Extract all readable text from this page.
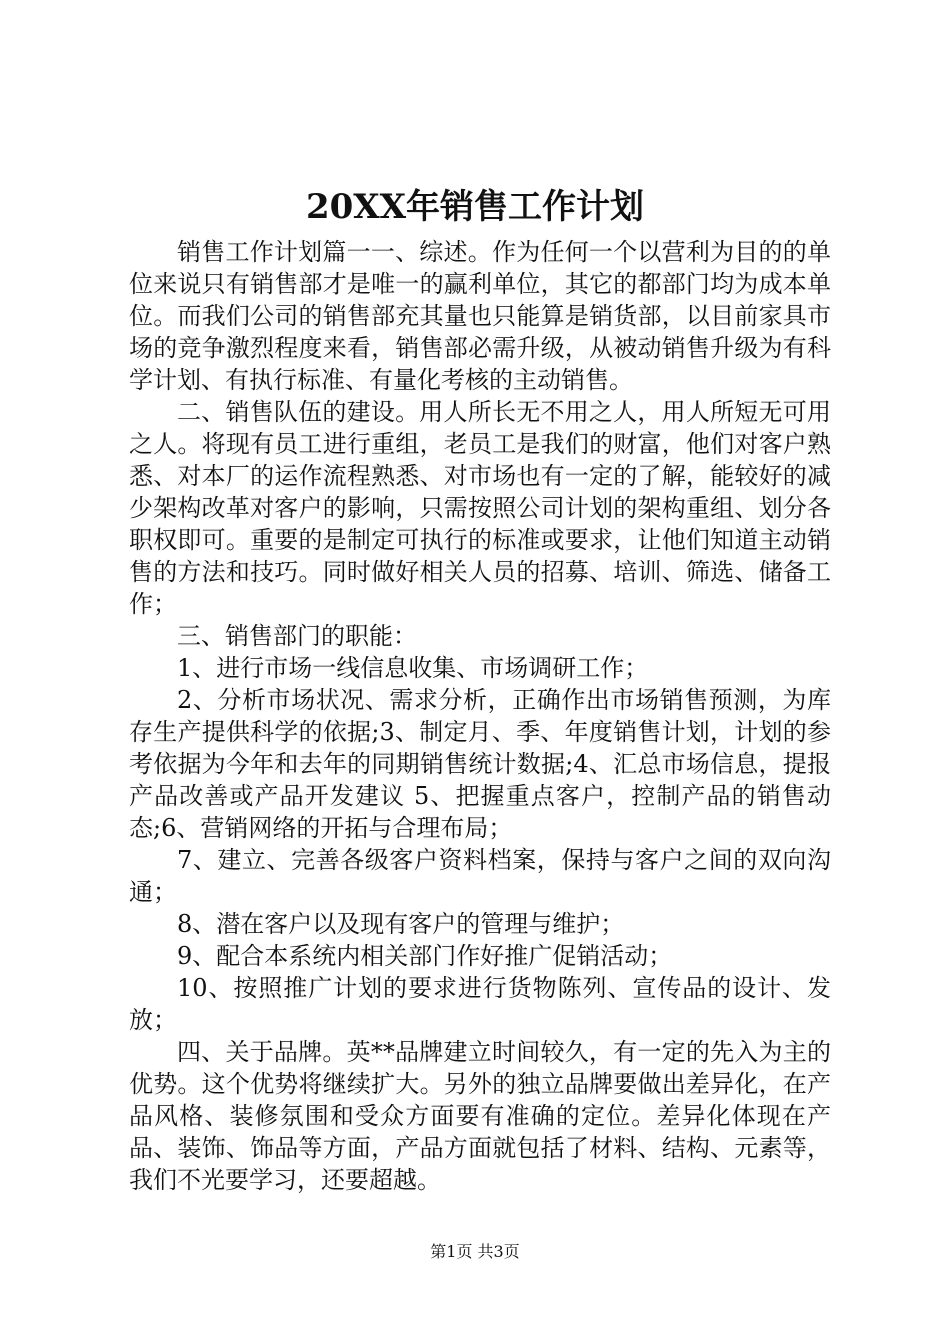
20XX年销售工作计划

销售工作计划篇一一、综述。作为任何一个以营利为目的的单位来说只有销售部才是唯一的赢利单位，其它的都部门均为成本单位。而我们公司的销售部充其量也只能算是销货部，以目前家具市场的竞争激烈程度来看，销售部必需升级，从被动销售升级为有科学计划、有执行标准、有量化考核的主动销售。

二、销售队伍的建设。用人所长无不用之人，用人所短无可用之人。将现有员工进行重组，老员工是我们的财富，他们对客户熟悉、对本厂的运作流程熟悉、对市场也有一定的了解，能较好的减少架构改革对客户的影响，只需按照公司计划的架构重组、划分各职权即可。重要的是制定可执行的标准或要求，让他们知道主动销售的方法和技巧。同时做好相关人员的招募、培训、筛选、储备工作；

三、销售部门的职能：

1、进行市场一线信息收集、市场调研工作；

2、分析市场状况、需求分析，正确作出市场销售预测，为库存生产提供科学的依据;3、制定月、季、年度销售计划，计划的参考依据为今年和去年的同期销售统计数据;4、汇总市场信息，提报产品改善或产品开发建议 5、把握重点客户，控制产品的销售动态;6、营销网络的开拓与合理布局；

7、建立、完善各级客户资料档案，保持与客户之间的双向沟通；

8、潜在客户以及现有客户的管理与维护；

9、配合本系统内相关部门作好推广促销活动；

10、按照推广计划的要求进行货物陈列、宣传品的设计、发放；

四、关于品牌。英**品牌建立时间较久，有一定的先入为主的优势。这个优势将继续扩大。另外的独立品牌要做出差异化，在产品风格、装修氛围和受众方面要有准确的定位。差异化体现在产品、装饰、饰品等方面，产品方面就包括了材料、结构、元素等，我们不光要学习，还要超越。

第1页 共3页
